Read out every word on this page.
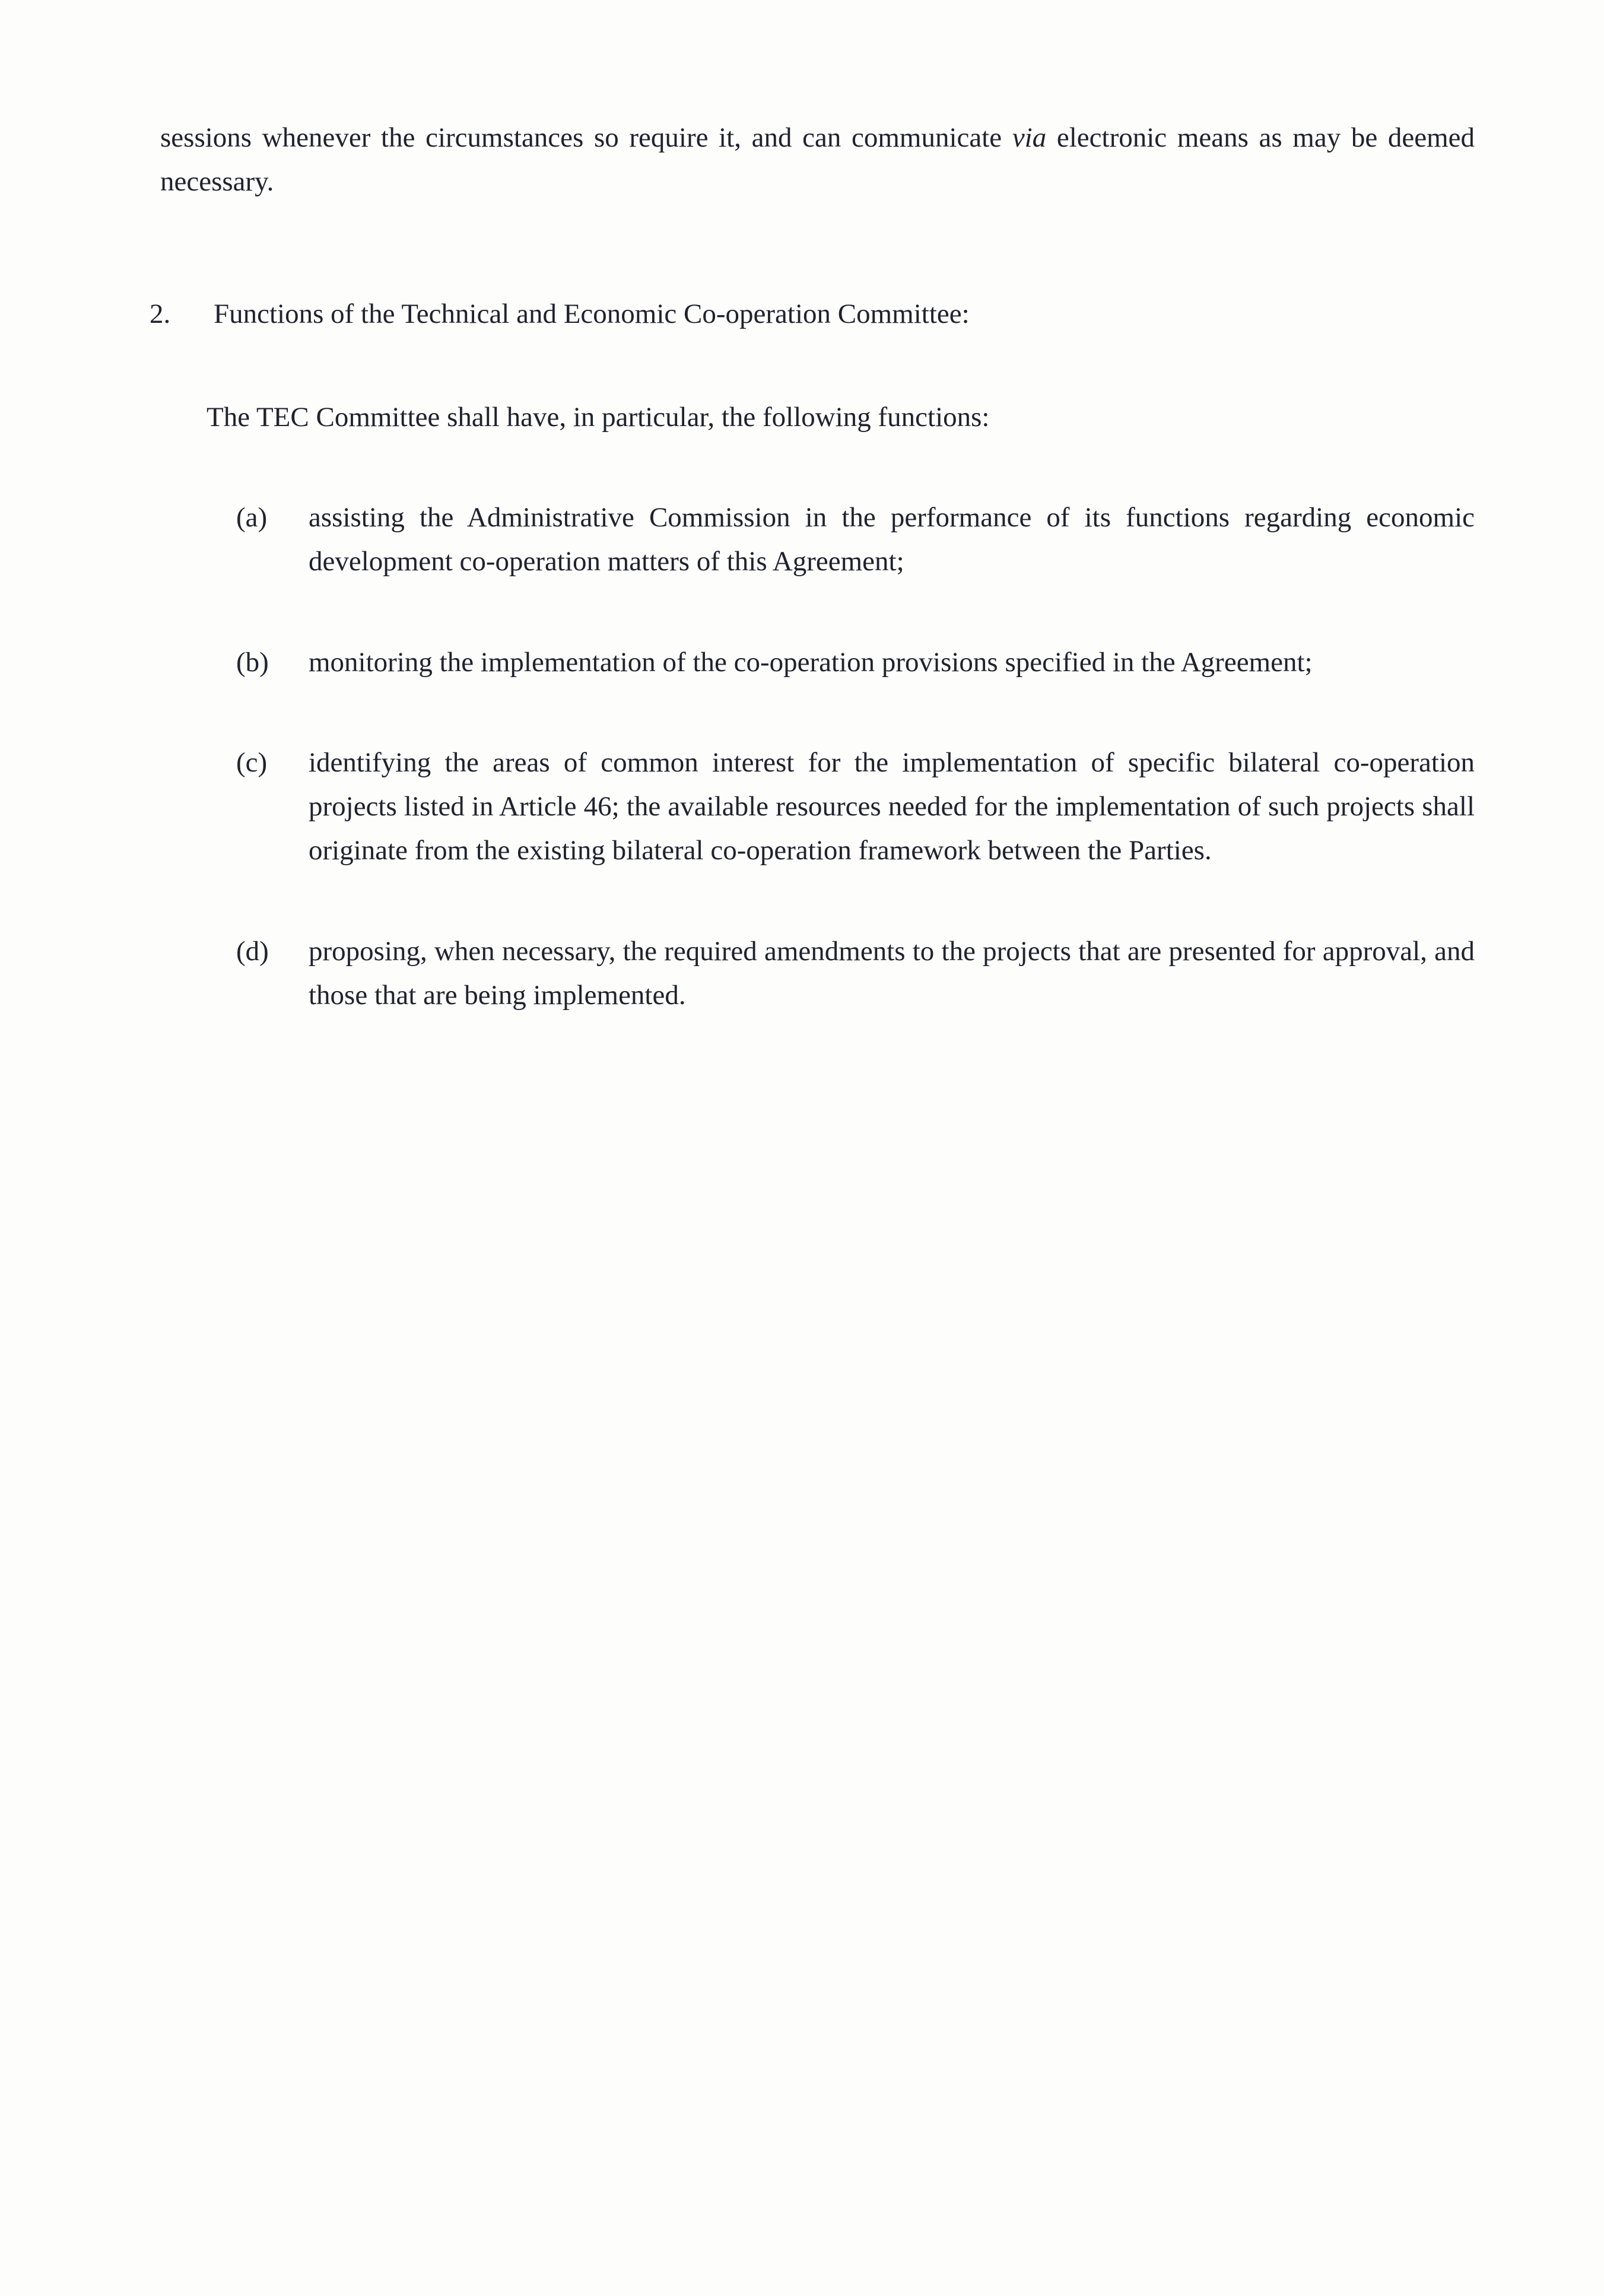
sessions whenever the circumstances so require it, and can communicate via electronic means as may be deemed necessary.

2.	Functions of the Technical and Economic Co-operation Committee:

The TEC Committee shall have, in particular, the following functions:

(a)	assisting the Administrative Commission in the performance of its functions regarding economic development co-operation matters of this Agreement;
(b)	monitoring the implementation of the co-operation provisions specified in the Agreement;
(c)	identifying the areas of common interest for the implementation of specific bilateral co-operation projects listed in Article 46; the available resources needed for the implementation of such projects shall originate from the existing bilateral co-operation framework between the Parties.
(d)	proposing, when necessary, the required amendments to the projects that are presented for approval, and those that are being implemented.
